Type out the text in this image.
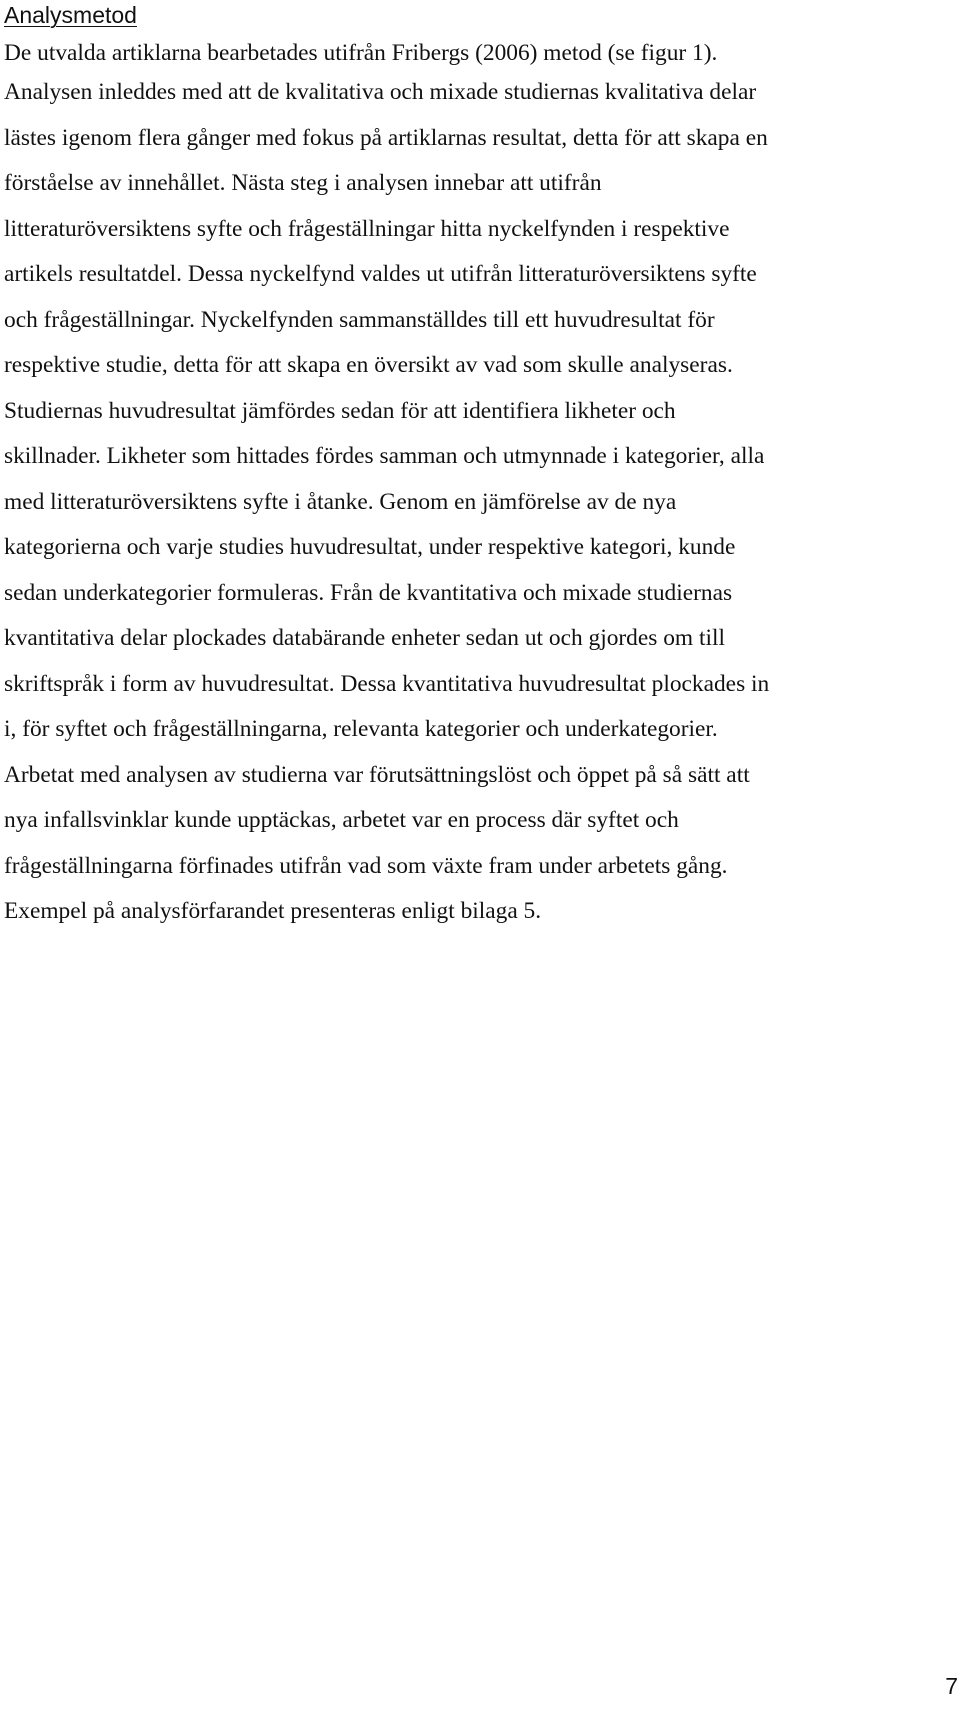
Analysmetod
De utvalda artiklarna bearbetades utifrån Fribergs (2006) metod (se figur 1).
Analysen inleddes med att de kvalitativa och mixade studiernas kvalitativa delar
lästes igenom flera gånger med fokus på artiklarnas resultat, detta för att skapa en
förståelse av innehållet. Nästa steg i analysen innebar att utifrån
litteraturöversiktens syfte och frågeställningar hitta nyckelfynden i respektive
artikels resultatdel. Dessa nyckelfynd valdes ut utifrån litteraturöversiktens syfte
och frågeställningar. Nyckelfynden sammanställdes till ett huvudresultat för
respektive studie, detta för att skapa en översikt av vad som skulle analyseras.
Studiernas huvudresultat jämfördes sedan för att identifiera likheter och
skillnader. Likheter som hittades fördes samman och utmynnade i kategorier, alla
med litteraturöversiktens syfte i åtanke. Genom en jämförelse av de nya
kategorierna och varje studies huvudresultat, under respektive kategori, kunde
sedan underkategorier formuleras. Från de kvantitativa och mixade studiernas
kvantitativa delar plockades databärande enheter sedan ut och gjordes om till
skriftspråk i form av huvudresultat. Dessa kvantitativa huvudresultat plockades in
i, för syftet och frågeställningarna, relevanta kategorier och underkategorier.
Arbetat med analysen av studierna var förutsättningslöst och öppet på så sätt att
nya infallsvinklar kunde upptäckas, arbetet var en process där syftet och
frågeställningarna förfinades utifrån vad som växte fram under arbetets gång.
Exempel på analysförfarandet presenteras enligt bilaga 5.
7
